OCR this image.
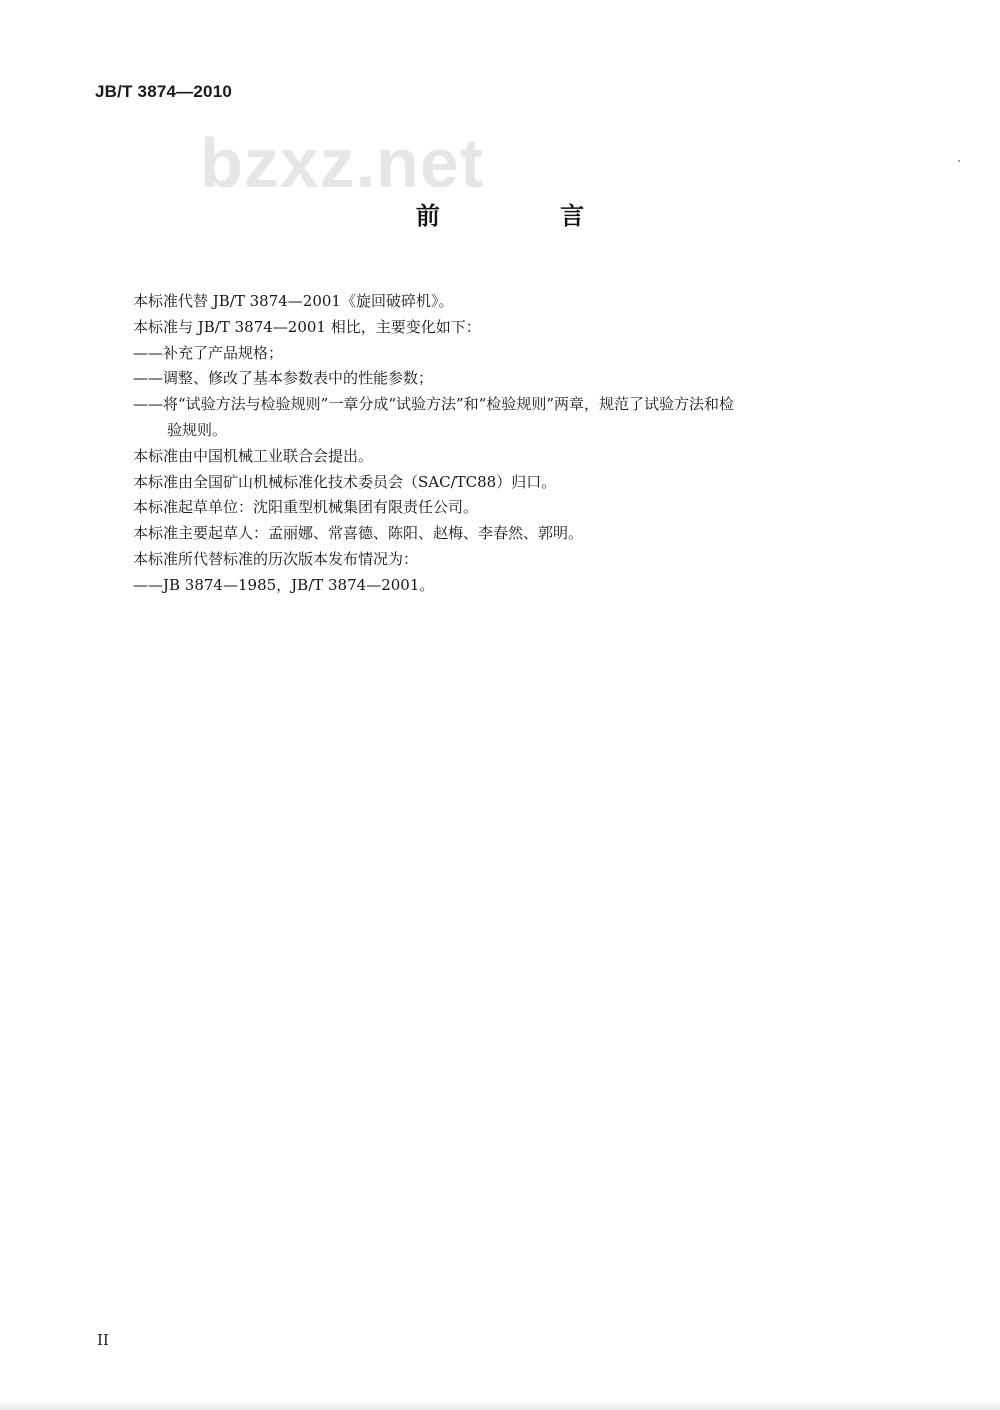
JB/T 3874—2010
bzxz.net
前 言

本标准代替 JB/T 3874—2001《旋回破碎机》。

本标准与 JB/T 3874—2001 相比，主要变化如下：

——补充了产品规格；

——调整、修改了基本参数表中的性能参数；

——将“试验方法与检验规则”一章分成“试验方法”和“检验规则”两章，规范了试验方法和检

验规则。

本标准由中国机械工业联合会提出。

本标准由全国矿山机械标准化技术委员会（SAC/TC88）归口。

本标准起草单位：沈阳重型机械集团有限责任公司。

本标准主要起草人：孟丽娜、常喜德、陈阳、赵梅、李春然、郭明。

本标准所代替标准的历次版本发布情况为：

——JB 3874—1985，JB/T 3874—2001。

II
